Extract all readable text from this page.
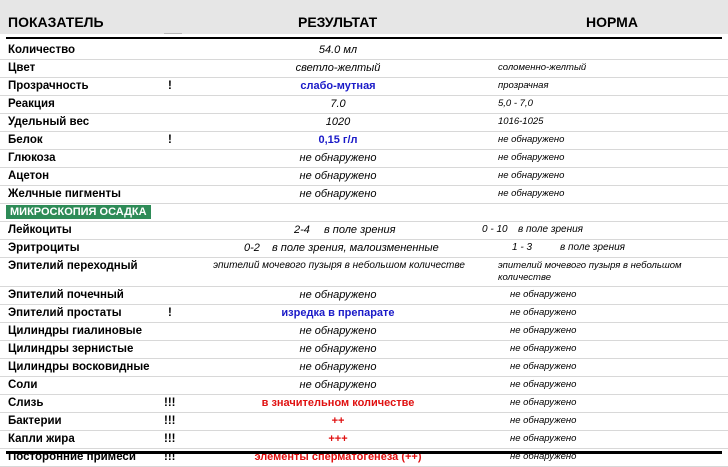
ПОКАЗАТЕЛЬ	РЕЗУЛЬТАТ	НОРМА
Количество	54.0 мл
Цвет	светло-желтый	соломенно-желтый
Прозрачность	!	слабо-мутная	прозрачная
Реакция	7.0	5,0 - 7,0
Удельный вес	1020	1016-1025
Белок	!	0,15 г/л	не обнаружено
Глюкоза	не обнаружено	не обнаружено
Ацетон	не обнаружено	не обнаружено
Желчные пигменты	не обнаружено	не обнаружено
МИКРОСКОПИЯ ОСАДКА
Лейкоциты	2-4 в поле зрения	0 - 10 в поле зрения
Эритроциты	0-2 в поле зрения, малоизмененные	1 - 3	в поле зрения
Эпителий переходный	эпителий мочевого пузыря в небольшом количестве	эпителий мочевого пузыря в небольшом количестве
Эпителий почечный	не обнаружено	не обнаружено
Эпителий простаты	!	изредка в препарате	не обнаружено
Цилиндры гиалиновые	не обнаружено	не обнаружено
Цилиндры зернистые	не обнаружено	не обнаружено
Цилиндры восковидные	не обнаружено	не обнаружено
Соли	не обнаружено	не обнаружено
Слизь	!!!	в значительном количестве	не обнаружено
Бактерии	!!!	++	не обнаружено
Капли жира	!!!	+++	не обнаружено
Посторонние примеси !!!	элементы сперматогенеза (++)	не обнаружено
